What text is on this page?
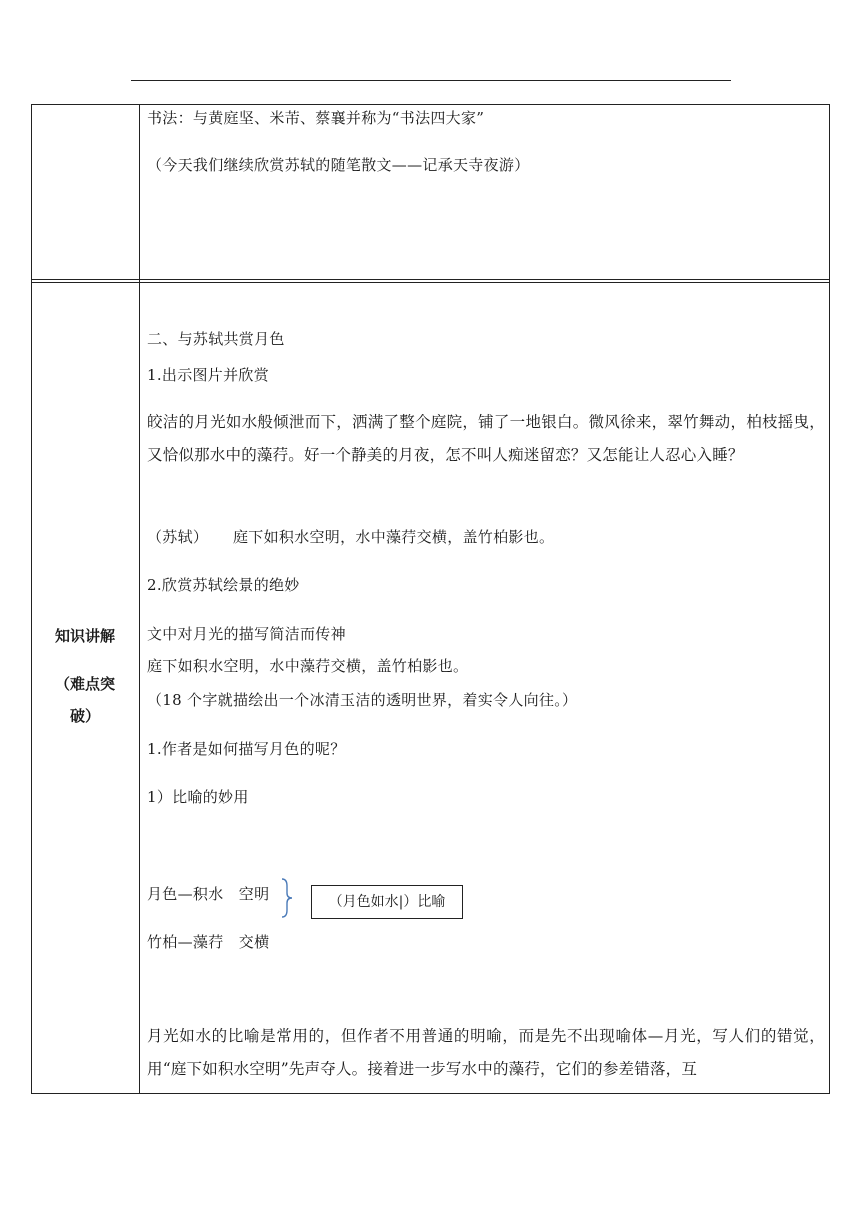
书法：与黄庭坚、米芾、蔡襄并称为“书法四大家”
（今天我们继续欣赏苏轼的随笔散文——记承天寺夜游）
知识讲解
（难点突
破）
二、与苏轼共赏月色
1.出示图片并欣赏
皎洁的月光如水般倾泄而下，洒满了整个庭院，铺了一地银白。微风徐来，翠竹舞动，柏枝摇曳，又恰似那水中的藻荇。好一个静美的月夜，怎不叫人痴迷留恋？又怎能让人忍心入睡？
（苏轼） 庭下如积水空明，水中藻荇交横，盖竹柏影也。
2.欣赏苏轼绘景的绝妙
文中对月光的描写简洁而传神
庭下如积水空明，水中藻荇交横，盖竹柏影也。
（18 个字就描绘出一个冰清玉洁的透明世界，着实令人向往。）
1.作者是如何描写月色的呢？
1）比喻的妙用
月色—积水　空明
竹柏—藻荇　交横
（月色如水|）比喻
月光如水的比喻是常用的，但作者不用普通的明喻，而是先不出现喻体—月光，写人们的错觉，用“庭下如积水空明”先声夺人。接着进一步写水中的藻荇，它们的参差错落，互
